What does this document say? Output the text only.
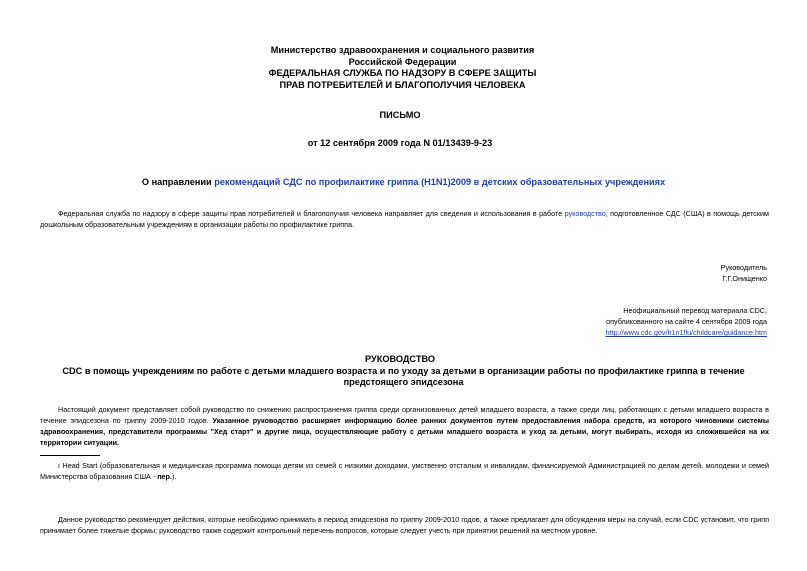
Министерство здравоохранения и социального развития
Российской Федерации
ФЕДЕРАЛЬНАЯ СЛУЖБА ПО НАДЗОРУ В СФЕРЕ ЗАЩИТЫ
ПРАВ ПОТРЕБИТЕЛЕЙ И БЛАГОПОЛУЧИЯ ЧЕЛОВЕКА
ПИСЬМО
от 12 сентября 2009 года N 01/13439-9-23
О направлении рекомендаций СДС по профилактике гриппа (H1N1)2009 в детских образовательных учреждениях
Федеральная служба по надзору в сфере защиты прав потребителей и благополучия человека направляет для сведения и использования в работе руководство, подготовленное СДС (США) в помощь детским дошкольным образовательным учреждениям в организации работы по профилактике гриппа.
Руководитель
Г.Г.Онищенко
Неофициальный перевод материала CDC,
опубликованного на сайте 4 сентября 2009 года
http://www.cdc.gov/h1n1flu/childcare/guidance.htm
РУКОВОДСТВО
CDC в помощь учреждениям по работе с детьми младшего возраста и по уходу за детьми в организации работы по профилактике гриппа в течение предстоящего эпидсезона
Настоящий документ представляет собой руководство по снижению распространения гриппа среди организованных детей младшего возраста, а также среди лиц, работающих с детьми младшего возраста в течение эпидсезона по гриппу 2009-2010 годов. Указанное руководство расширяет информацию более ранних документов путем предоставления набора средств, из которого чиновники системы здравоохранения, представители программы "Хед старт" и другие лица, осуществляющие работу с детьми младшего возраста и уход за детьми, могут выбирать, исходя из сложившейся на их территории ситуации.
ı Head Start (образовательная и медицинская программа помощи детям из семей с низкими доходами, умственно отсталым и инвалидам, финансируемой Администрацией по делам детей, молодежи и семей Министерства образования США - пер.).
Данное руководство рекомендует действия, которые необходимо принимать в период эпидсезона по гриппу 2009-2010 годов, а также предлагает для обсуждения меры на случай, если CDC установит, что грипп принимает более тяжелые формы; руководство также содержит контрольный перечень вопросов, которые следует учесть при принятии решений на местном уровне.
